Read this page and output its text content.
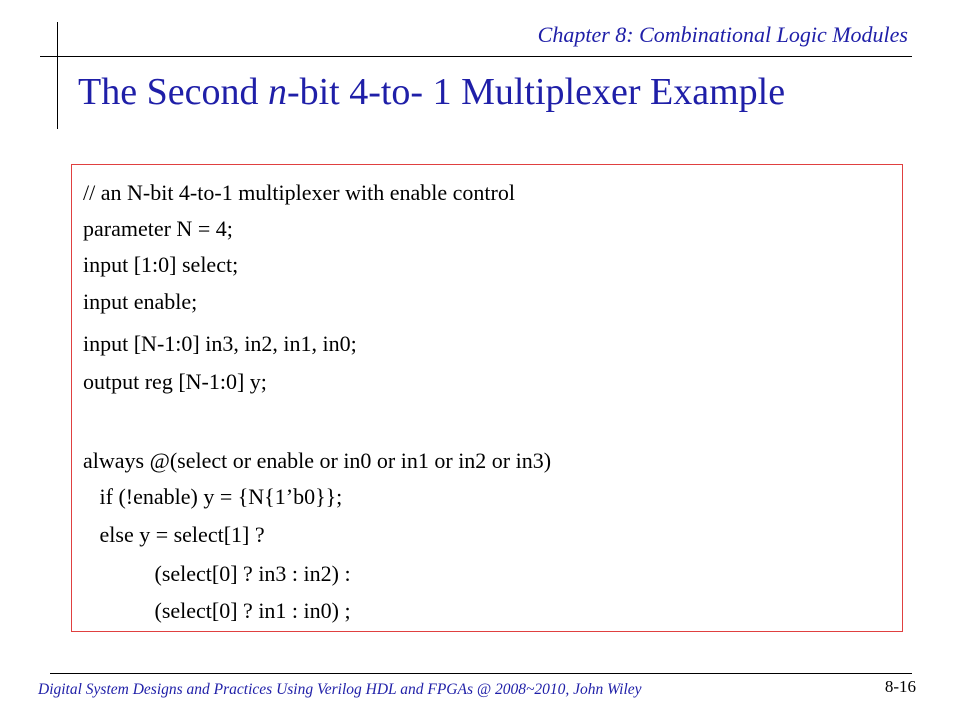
Chapter 8: Combinational Logic Modules
The Second n-bit 4-to- 1 Multiplexer Example
// an N-bit 4-to-1 multiplexer with enable control
parameter N = 4;
input [1:0] select;
input enable;
input [N-1:0] in3, in2, in1, in0;
output reg [N-1:0] y;
always @(select or enable or in0 or in1 or in2 or in3)
if (!enable) y = {N{1’b0}};
else y = select[1] ?
(select[0] ? in3 : in2) :
(select[0] ? in1 : in0) ;
Digital System Designs and Practices Using Verilog HDL and FPGAs @ 2008~2010, John Wiley	8-16
